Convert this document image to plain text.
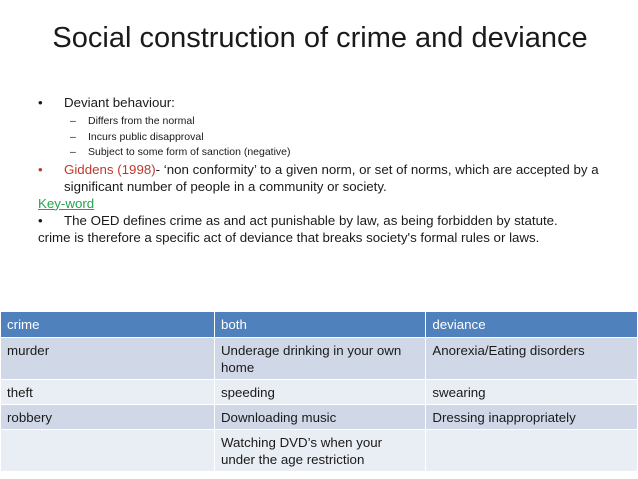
Social construction of crime and deviance
•	Deviant behaviour:
–	Differs from the normal
–	Incurs public disapproval
–	Subject to some form of sanction (negative)
•	Giddens (1998)- ‘non conformity’ to a given norm, or set of norms, which are accepted by a significant number of people in a community or society.
Key-word
•	The OED defines crime as and act punishable by law, as being forbidden by statute.
crime is therefore a specific act of deviance that breaks society's formal rules or laws.
crime	both	deviance
murder	Underage drinking in your own home	Anorexia/Eating disorders
theft	speeding	swearing
robbery	Downloading music	Dressing inappropriately
	Watching DVD’s when your under the age restriction	
